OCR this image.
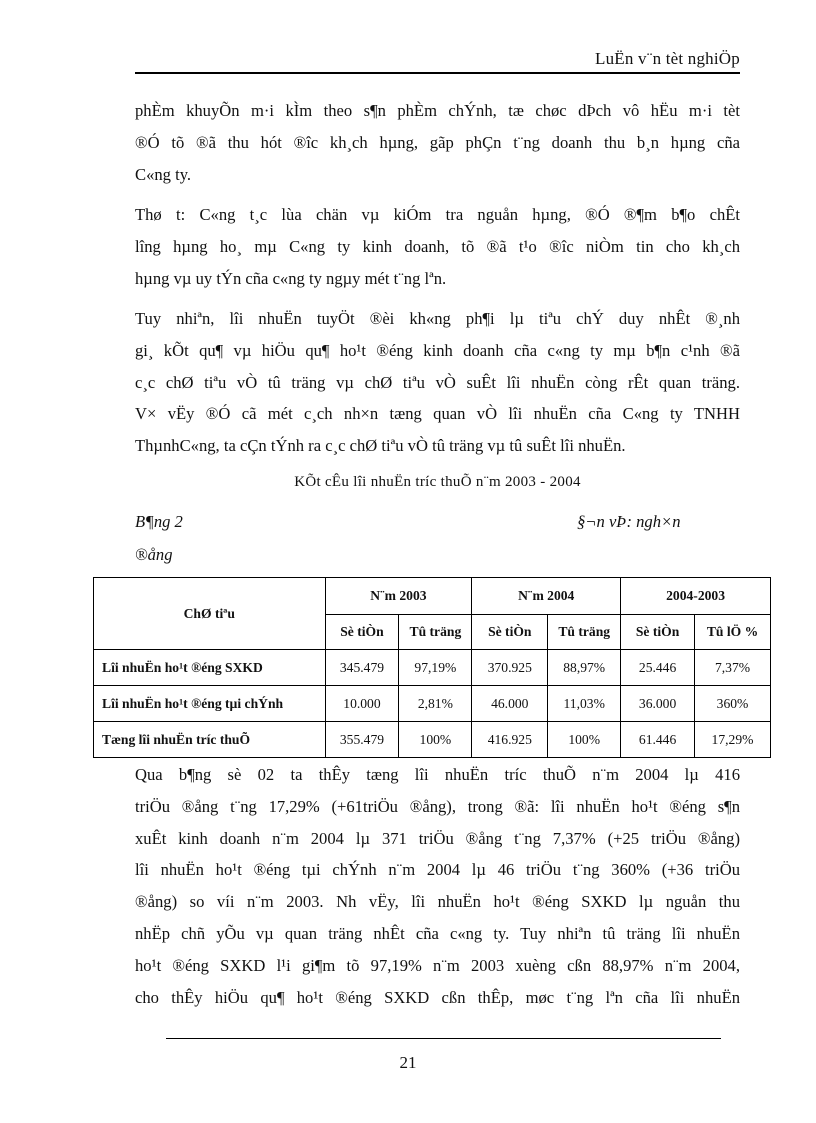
LuËn v¨n tèt nghiÖp
phÈm khuyÕn m·i kÌm theo s¶n phÈm chÝnh, tæ chøc dÞch vô hËu m·i tèt
®Ó tõ ®ã thu hót ®îc kh¸ch hµng, gãp phÇn t¨ng doanh thu b¸n hµng cña
C«ng ty.
Thø t: C«ng t¸c lùa chän vµ kiÓm tra nguån hµng, ®Ó ®¶m b¶o chÊt
lîng hµng ho¸ mµ C«ng ty kinh doanh, tõ ®ã t¹o ®îc niÒm tin cho kh¸ch
hµng vµ uy tÝn cña c«ng ty ngµy mét t¨ng lªn.
Tuy nhiªn, lîi nhuËn tuyÖt ®èi kh«ng ph¶i lµ tiªu chÝ duy nhÊt ®¸nh
gi¸ kÕt qu¶ vµ hiÖu qu¶ ho¹t ®éng kinh doanh cña c«ng ty mµ b¶n c¹nh ®ã
c¸c chØ tiªu vÒ tû träng vµ chØ tiªu vÒ suÊt lîi nhuËn còng rÊt quan träng.
V× vËy ®Ó cã mét c¸ch nh×n tæng quan vÒ lîi nhuËn cña C«ng ty TNHH
ThµnhC«ng, ta cÇn tÝnh ra c¸c chØ tiªu vÒ tû träng vµ tû suÊt lîi nhuËn.
KÕt cÊu lîi nhuËn tríc thuÕ n¨m 2003 - 2004
B¶ng 2	§¬n vÞ: ngh×n
®ång
ChØ tiªu	N¨m 2003		N¨m 2004		2004-2003	
	Sè tiÒn	Tû träng	Sè tiÒn	Tû träng	Sè tiÒn	Tû lÖ %
Lîi nhuËn ho¹t ®éng SXKD	345.479	97,19%	370.925	88,97%	25.446	7,37%
Lîi nhuËn ho¹t ®éng tµi chÝnh	10.000	2,81%	46.000	11,03%	36.000	360%
Tæng lîi nhuËn tríc thuÕ	355.479	100%	416.925	100%	61.446	17,29%
Qua b¶ng sè 02 ta thÊy tæng lîi nhuËn tríc thuÕ n¨m 2004 lµ 416
triÖu ®ång t¨ng 17,29% (+61triÖu ®ång), trong ®ã: lîi nhuËn ho¹t ®éng s¶n
xuÊt kinh doanh n¨m 2004 lµ 371 triÖu ®ång t¨ng 7,37% (+25 triÖu ®ång)
lîi nhuËn ho¹t ®éng tµi chÝnh n¨m 2004 lµ 46 triÖu t¨ng 360% (+36 triÖu
®ång) so víi n¨m 2003. Nh vËy, lîi nhuËn ho¹t ®éng SXKD lµ nguån thu
nhËp chñ yÕu vµ quan träng nhÊt cña c«ng ty. Tuy nhiªn tû träng lîi nhuËn
ho¹t ®éng SXKD l¹i gi¶m tõ 97,19% n¨m 2003 xuèng cßn 88,97% n¨m 2004,
cho thÊy hiÖu qu¶ ho¹t ®éng SXKD cßn thÊp, møc t¨ng lªn cña lîi nhuËn
21
